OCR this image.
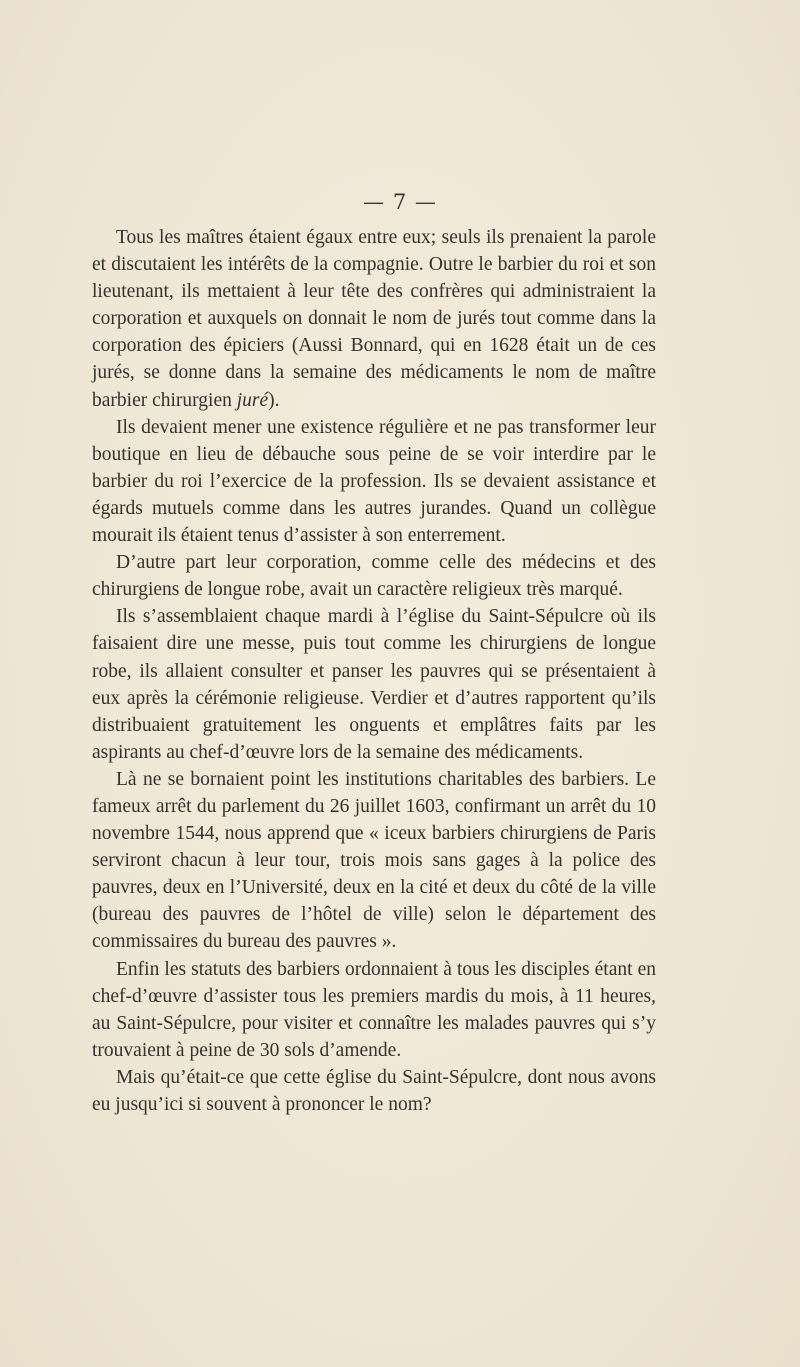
— 7 —

Tous les maîtres étaient égaux entre eux; seuls ils prenaient la parole et discutaient les intérêts de la compagnie. Outre le barbier du roi et son lieutenant, ils mettaient à leur tête des confrères qui administraient la corporation et auxquels on donnait le nom de jurés tout comme dans la corporation des épiciers (Aussi Bonnard, qui en 1628 était un de ces jurés, se donne dans la semaine des médicaments le nom de maître barbier chirurgien juré).

Ils devaient mener une existence régulière et ne pas transformer leur boutique en lieu de débauche sous peine de se voir interdire par le barbier du roi l’exercice de la profession. Ils se devaient assistance et égards mutuels comme dans les autres jurandes. Quand un collègue mourait ils étaient tenus d’assister à son enterrement.

D’autre part leur corporation, comme celle des médecins et des chirurgiens de longue robe, avait un caractère religieux très marqué.

Ils s’assemblaient chaque mardi à l’église du Saint-Sépulcre où ils faisaient dire une messe, puis tout comme les chirurgiens de longue robe, ils allaient consulter et panser les pauvres qui se présentaient à eux après la cérémonie religieuse. Verdier et d’autres rapportent qu’ils distribuaient gratuitement les onguents et emplâtres faits par les aspirants au chef-d’œuvre lors de la semaine des médicaments.

Là ne se bornaient point les institutions charitables des barbiers. Le fameux arrêt du parlement du 26 juillet 1603, confirmant un arrêt du 10 novembre 1544, nous apprend que « iceux barbiers chirurgiens de Paris serviront chacun à leur tour, trois mois sans gages à la police des pauvres, deux en l’Université, deux en la cité et deux du côté de la ville (bureau des pauvres de l’hôtel de ville) selon le département des commissaires du bureau des pauvres ».

Enfin les statuts des barbiers ordonnaient à tous les disciples étant en chef-d’œuvre d’assister tous les premiers mardis du mois, à 11 heures, au Saint-Sépulcre, pour visiter et connaître les malades pauvres qui s’y trouvaient à peine de 30 sols d’amende.

Mais qu’était-ce que cette église du Saint-Sépulcre, dont nous avons eu jusqu’ici si souvent à prononcer le nom?
